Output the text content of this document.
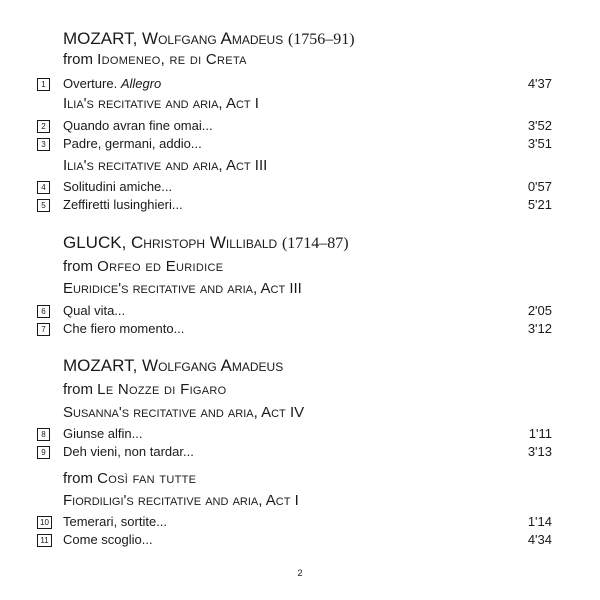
MOZART, Wolfgang Amadeus (1756–91)
from Idomeneo, re di Creta
1	Overture. Allegro	4'37
Ilia's recitative and aria, Act I
2	Quando avran fine omai...	3'52
3	Padre, germani, addio...	3'51
Ilia's recitative and aria, Act III
4	Solitudini amiche...	0'57
5	Zeffiretti lusinghieri...	5'21
GLUCK, Christoph Willibald (1714–87)
from Orfeo ed Euridice
Euridice's recitative and aria, Act III
6	Qual vita...	2'05
7	Che fiero momento...	3'12
MOZART, Wolfgang Amadeus
from Le Nozze di Figaro
Susanna's recitative and aria, Act IV
8	Giunse alfin...	1'11
9	Deh vieni, non tardar...	3'13
from Così fan tutte
Fiordiligi's recitative and aria, Act I
10 Temerari, sortite...	1'14
11 Come scoglio...	4'34
2
